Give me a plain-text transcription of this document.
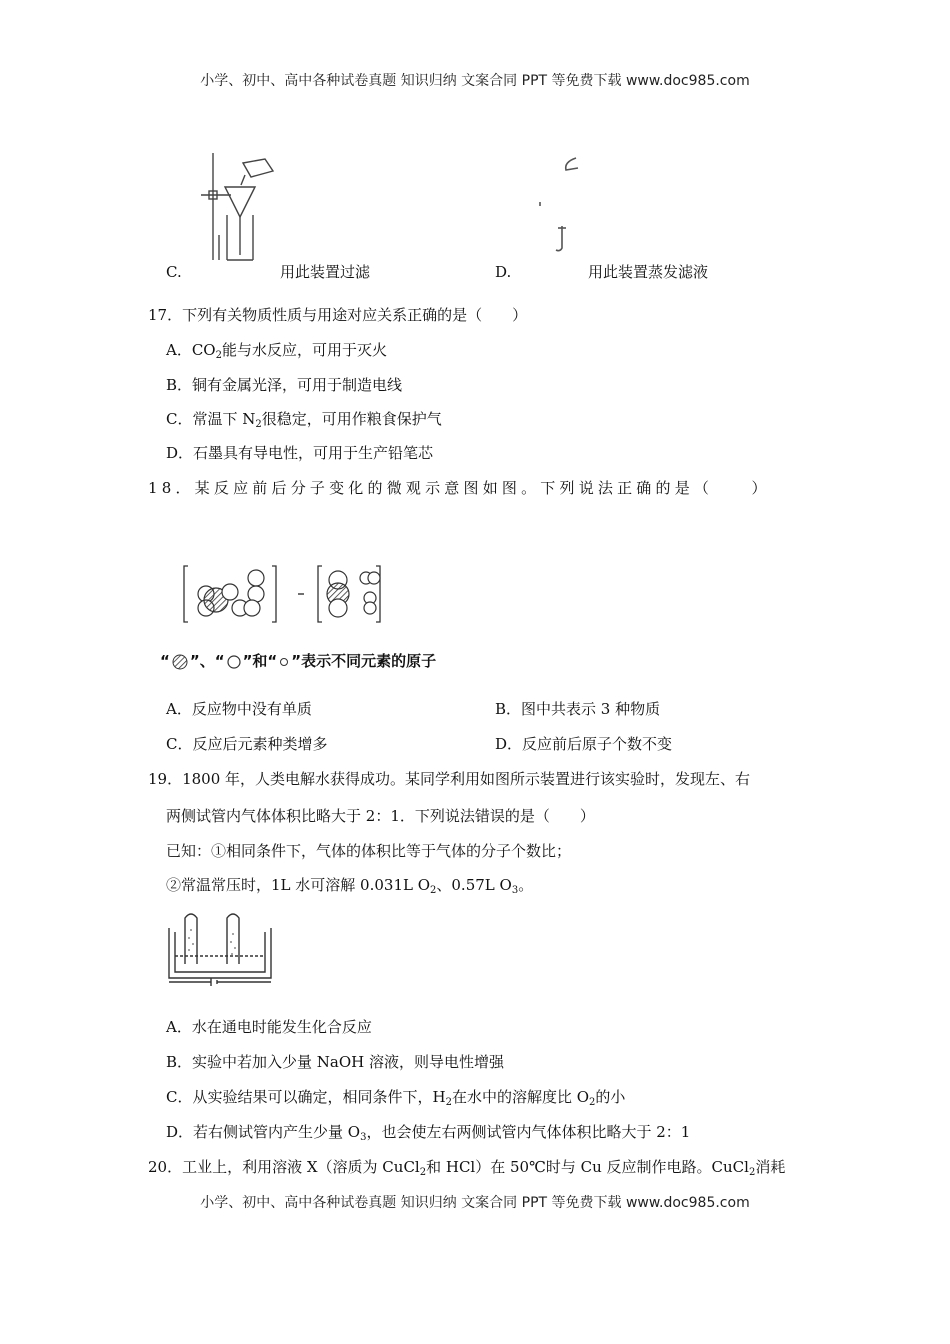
小学、初中、高中各种试卷真题 知识归纳 文案合同 PPT 等免费下载 www.doc985.com
C.	用此装置过滤	D.	用此装置蒸发滤液
17．下列有关物质性质与用途对应关系正确的是（　　）
A．$CO_2$能与水反应，可用于灭火
B．铜有金属光泽，可用于制造电线
C．常温下 $N_2$很稳定，可用作粮食保护气
D．石墨具有导电性，可用于生产铅笔芯
18．某反应前后分子变化的微观示意图如图。下列说法正确的是（　　）
“ ”、“ ”和“ ”表示不同元素的原子
A．反应物中没有单质	B．图中共表示 3 种物质
C．反应后元素种类增多	D．反应前后原子个数不变
19．1800 年，人类电解水获得成功。某同学利用如图所示装置进行该实验时，发现左、右
两侧试管内气体体积比略大于 2：1．下列说法错误的是（　　）
已知：①相同条件下，气体的体积比等于气体的分子个数比；
②常温常压时，1L 水可溶解 0.031L $O_2$、0.57L $O_3$。
A．水在通电时能发生化合反应
B．实验中若加入少量 NaOH 溶液，则导电性增强
C．从实验结果可以确定，相同条件下，$H_2$在水中的溶解度比 $O_2$的小
D．若右侧试管内产生少量 $O_3$，也会使左右两侧试管内气体体积比略大于 2：1
20．工业上，利用溶液 X（溶质为 CuCl$_2$和 HCl）在 50℃时与 Cu 反应制作电路。CuCl$_2$消耗
小学、初中、高中各种试卷真题 知识归纳 文案合同 PPT 等免费下载 www.doc985.com
